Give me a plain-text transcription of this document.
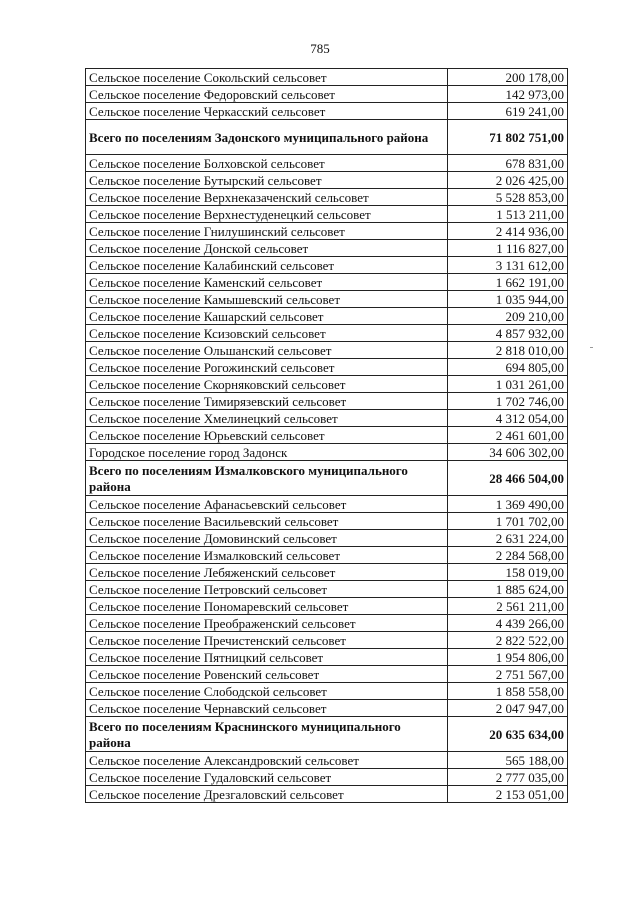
785
Сельское поселение Сокольский сельсовет	200 178,00
Сельское поселение Федоровский сельсовет	142 973,00
Сельское поселение Черкасский сельсовет	619 241,00
Всего по поселениям Задонского муниципального района	71 802 751,00
Сельское поселение Болховской сельсовет	678 831,00
Сельское поселение Бутырский сельсовет	2 026 425,00
Сельское поселение Верхнеказаченский сельсовет	5 528 853,00
Сельское поселение Верхнестуденецкий сельсовет	1 513 211,00
Сельское поселение Гнилушинский сельсовет	2 414 936,00
Сельское поселение Донской сельсовет	1 116 827,00
Сельское поселение Калабинский сельсовет	3 131 612,00
Сельское поселение Каменский сельсовет	1 662 191,00
Сельское поселение Камышевский сельсовет	1 035 944,00
Сельское поселение Кашарский сельсовет	209 210,00
Сельское поселение Ксизовский сельсовет	4 857 932,00
Сельское поселение Ольшанский сельсовет	2 818 010,00
Сельское поселение Рогожинский сельсовет	694 805,00
Сельское поселение Скорняковский сельсовет	1 031 261,00
Сельское поселение Тимирязевский сельсовет	1 702 746,00
Сельское поселение Хмелинецкий сельсовет	4 312 054,00
Сельское поселение Юрьевский сельсовет	2 461 601,00
Городское поселение город Задонск	34 606 302,00
Всего по поселениям Измалковского муниципального района	28 466 504,00
Сельское поселение Афанасьевский сельсовет	1 369 490,00
Сельское поселение Васильевский сельсовет	1 701 702,00
Сельское поселение Домовинский сельсовет	2 631 224,00
Сельское поселение Измалковский сельсовет	2 284 568,00
Сельское поселение Лебяженский сельсовет	158 019,00
Сельское поселение Петровский сельсовет	1 885 624,00
Сельское поселение Пономаревский сельсовет	2 561 211,00
Сельское поселение Преображенский сельсовет	4 439 266,00
Сельское поселение Пречистенский сельсовет	2 822 522,00
Сельское поселение Пятницкий сельсовет	1 954 806,00
Сельское поселение Ровенский сельсовет	2 751 567,00
Сельское поселение Слободской сельсовет	1 858 558,00
Сельское поселение Чернавский сельсовет	2 047 947,00
Всего по поселениям Краснинского муниципального района	20 635 634,00
Сельское поселение Александровский сельсовет	565 188,00
Сельское поселение Гудаловский сельсовет	2 777 035,00
Сельское поселение Дрезгаловский сельсовет	2 153 051,00
